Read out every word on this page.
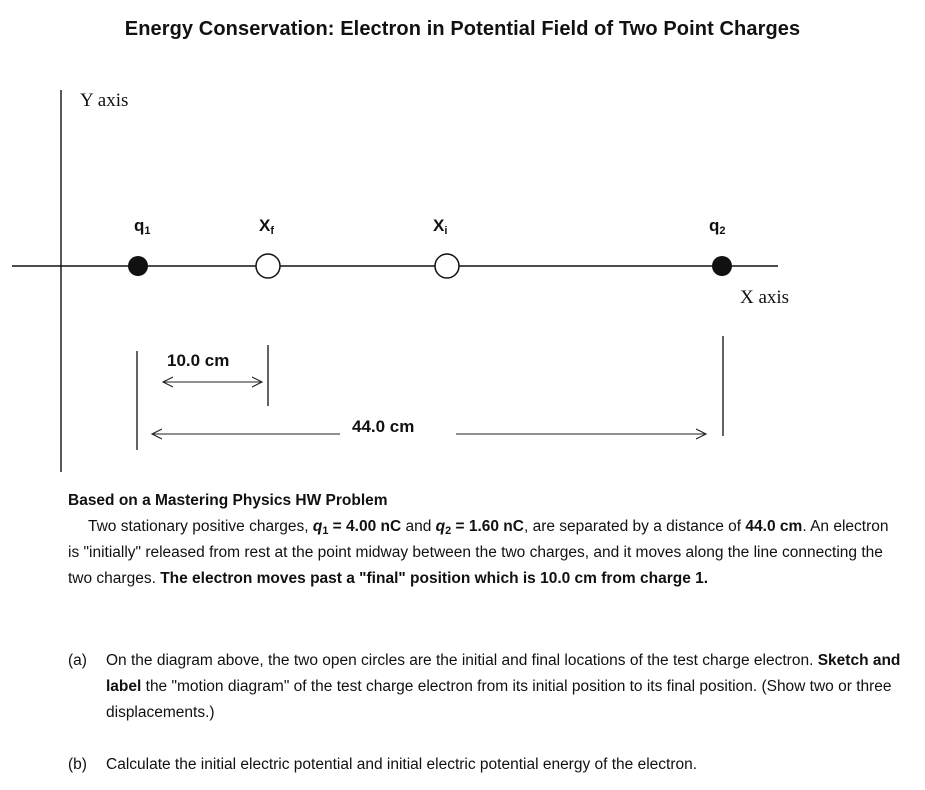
Energy Conservation: Electron in Potential Field of Two Point Charges
Y axis
X axis
q1	Xf	Xi	q2
10.0 cm
44.0 cm
Based on a Mastering Physics HW Problem
Two stationary positive charges, $q_1 = 4.00$ nC and $q_2 = 1.60$ nC, are separated by a distance of 44.0 cm. An electron is "initially" released from rest at the point midway between the two charges, and it moves along the line connecting the two charges. The electron moves past a "final" position which is 10.0 cm from charge 1.
(a) On the diagram above, the two open circles are the initial and final locations of the test charge electron. Sketch and label the "motion diagram" of the test charge electron from its initial position to its final position. (Show two or three displacements.)
(b) Calculate the initial electric potential and initial electric potential energy of the electron.
